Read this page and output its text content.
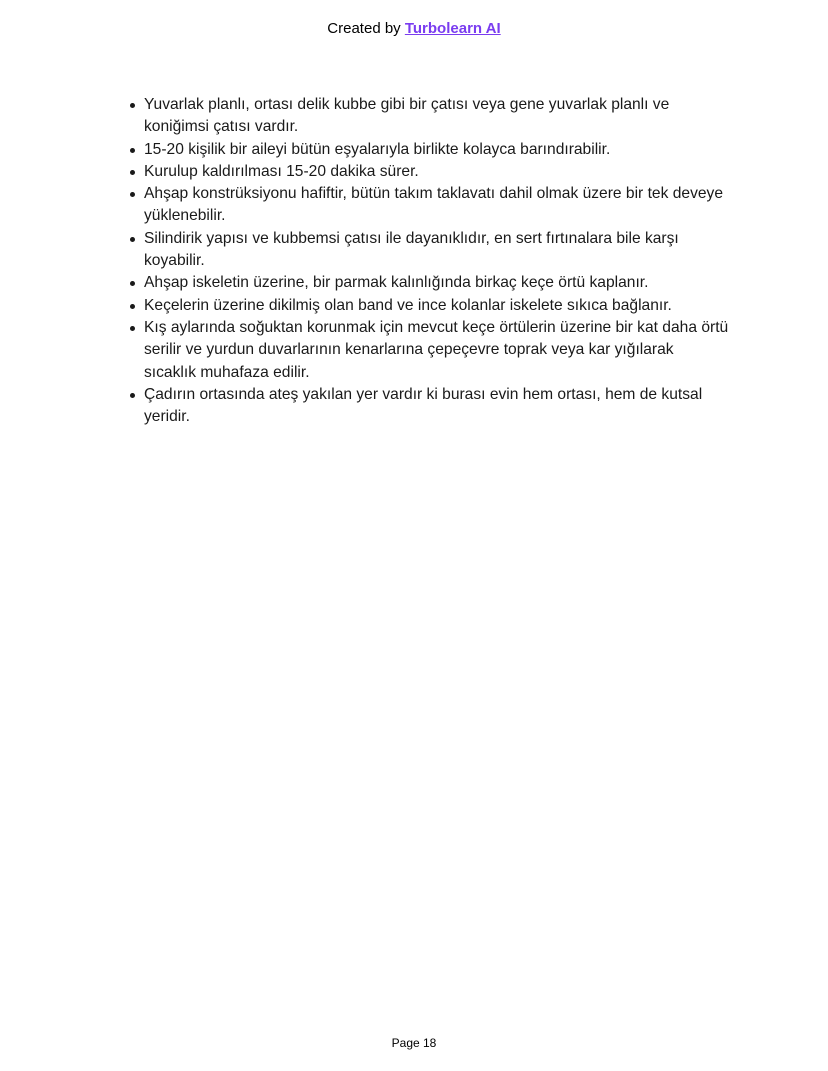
Created by Turbolearn AI
Yuvarlak planlı, ortası delik kubbe gibi bir çatısı veya gene yuvarlak planlı ve koniğimsi çatısı vardır.
15-20 kişilik bir aileyi bütün eşyalarıyla birlikte kolayca barındırabilir.
Kurulup kaldırılması 15-20 dakika sürer.
Ahşap konstrüksiyonu hafiftir, bütün takım taklavatı dahil olmak üzere bir tek deveye yüklenebilir.
Silindirik yapısı ve kubbemsi çatısı ile dayanıklıdır, en sert fırtınalara bile karşı koyabilir.
Ahşap iskeletin üzerine, bir parmak kalınlığında birkaç keçe örtü kaplanır.
Keçelerin üzerine dikilmiş olan band ve ince kolanlar iskelete sıkıca bağlanır.
Kış aylarında soğuktan korunmak için mevcut keçe örtülerin üzerine bir kat daha örtü serilir ve yurdun duvarlarının kenarlarına çepeçevre toprak veya kar yığılarak sıcaklık muhafaza edilir.
Çadırın ortasında ateş yakılan yer vardır ki burası evin hem ortası, hem de kutsal yeridir.
Page 18
